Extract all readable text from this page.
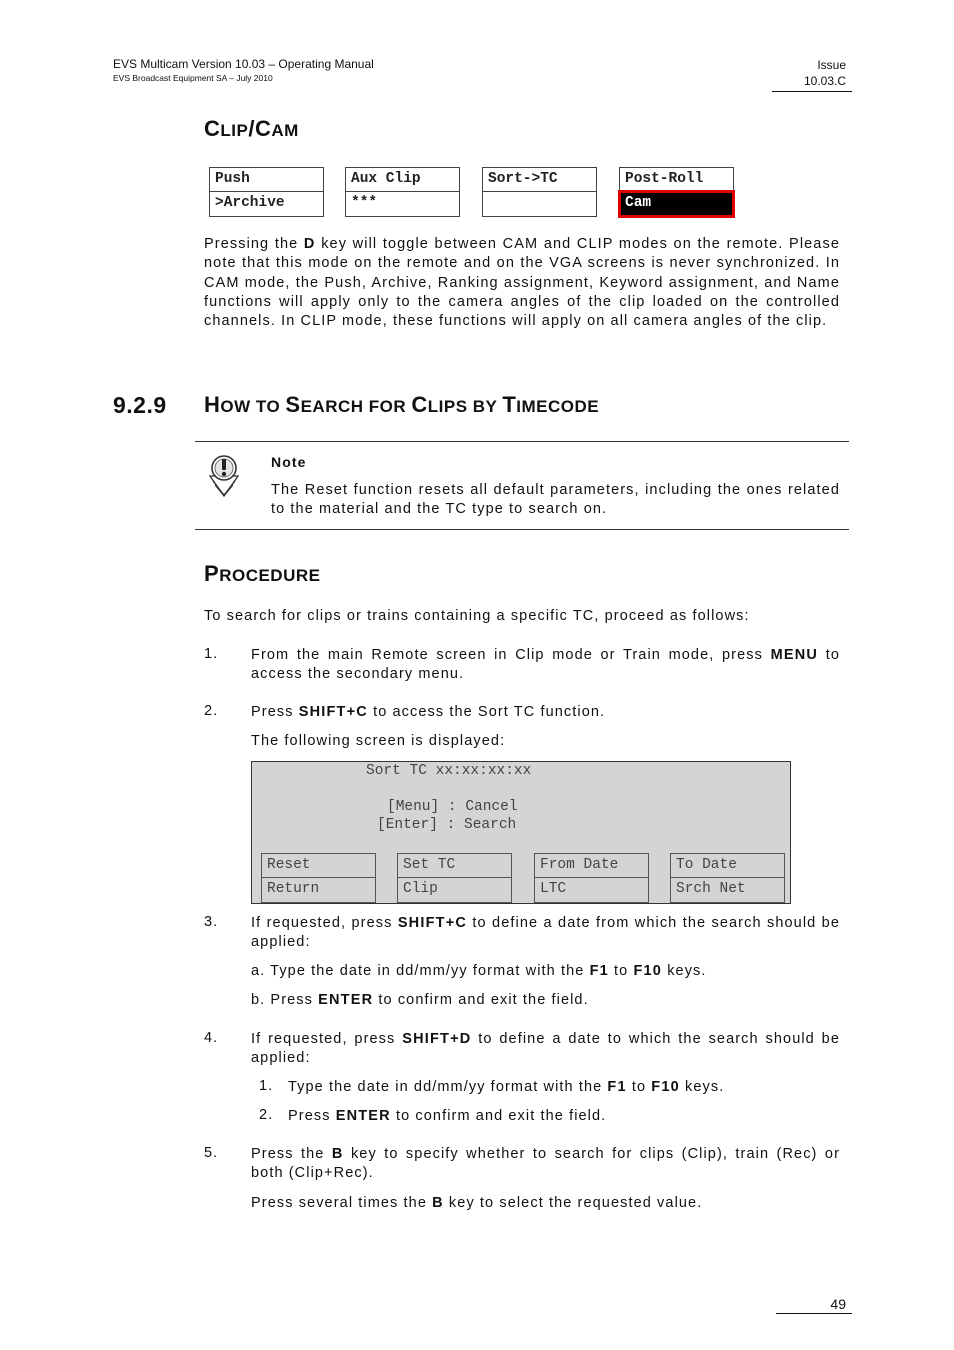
EVS Multicam Version 10.03 – Operating Manual
EVS Broadcast Equipment SA – July 2010
Issue
10.03.C
CLIP/CAM
Push
>Archive
Aux Clip
***
Sort->TC	Post-Roll
Cam
Pressing the D key will toggle between CAM and CLIP modes on the remote. Please note that this mode on the remote and on the VGA screens is never synchronized. In CAM mode, the Push, Archive, Ranking assignment, Keyword assignment, and Name functions will apply only to the camera angles of the clip loaded on the controlled channels. In CLIP mode, these functions will apply on all camera angles of the clip.
9.2.9 HOW TO SEARCH FOR CLIPS BY TIMECODE
Note
The Reset function resets all default parameters, including the ones related to the material and the TC type to search on.
PROCEDURE
To search for clips or trains containing a specific TC, proceed as follows:
1. From the main Remote screen in Clip mode or Train mode, press MENU to access the secondary menu.
2. Press SHIFT+C to access the Sort TC function.
The following screen is displayed:
Sort TC xx:xx:xx:xx
[Menu] : Cancel
[Enter] : Search
Reset
Return
Set TC
Clip
From Date
LTC
To Date
Srch Net
3. If requested, press SHIFT+C to define a date from which the search should be applied:
a. Type the date in dd/mm/yy format with the F1 to F10 keys.
b. Press ENTER to confirm and exit the field.
4. If requested, press SHIFT+D to define a date to which the search should be applied:
1. Type the date in dd/mm/yy format with the F1 to F10 keys.
2. Press ENTER to confirm and exit the field.
5. Press the B key to specify whether to search for clips (Clip), train (Rec) or both (Clip+Rec).
Press several times the B key to select the requested value.
49
